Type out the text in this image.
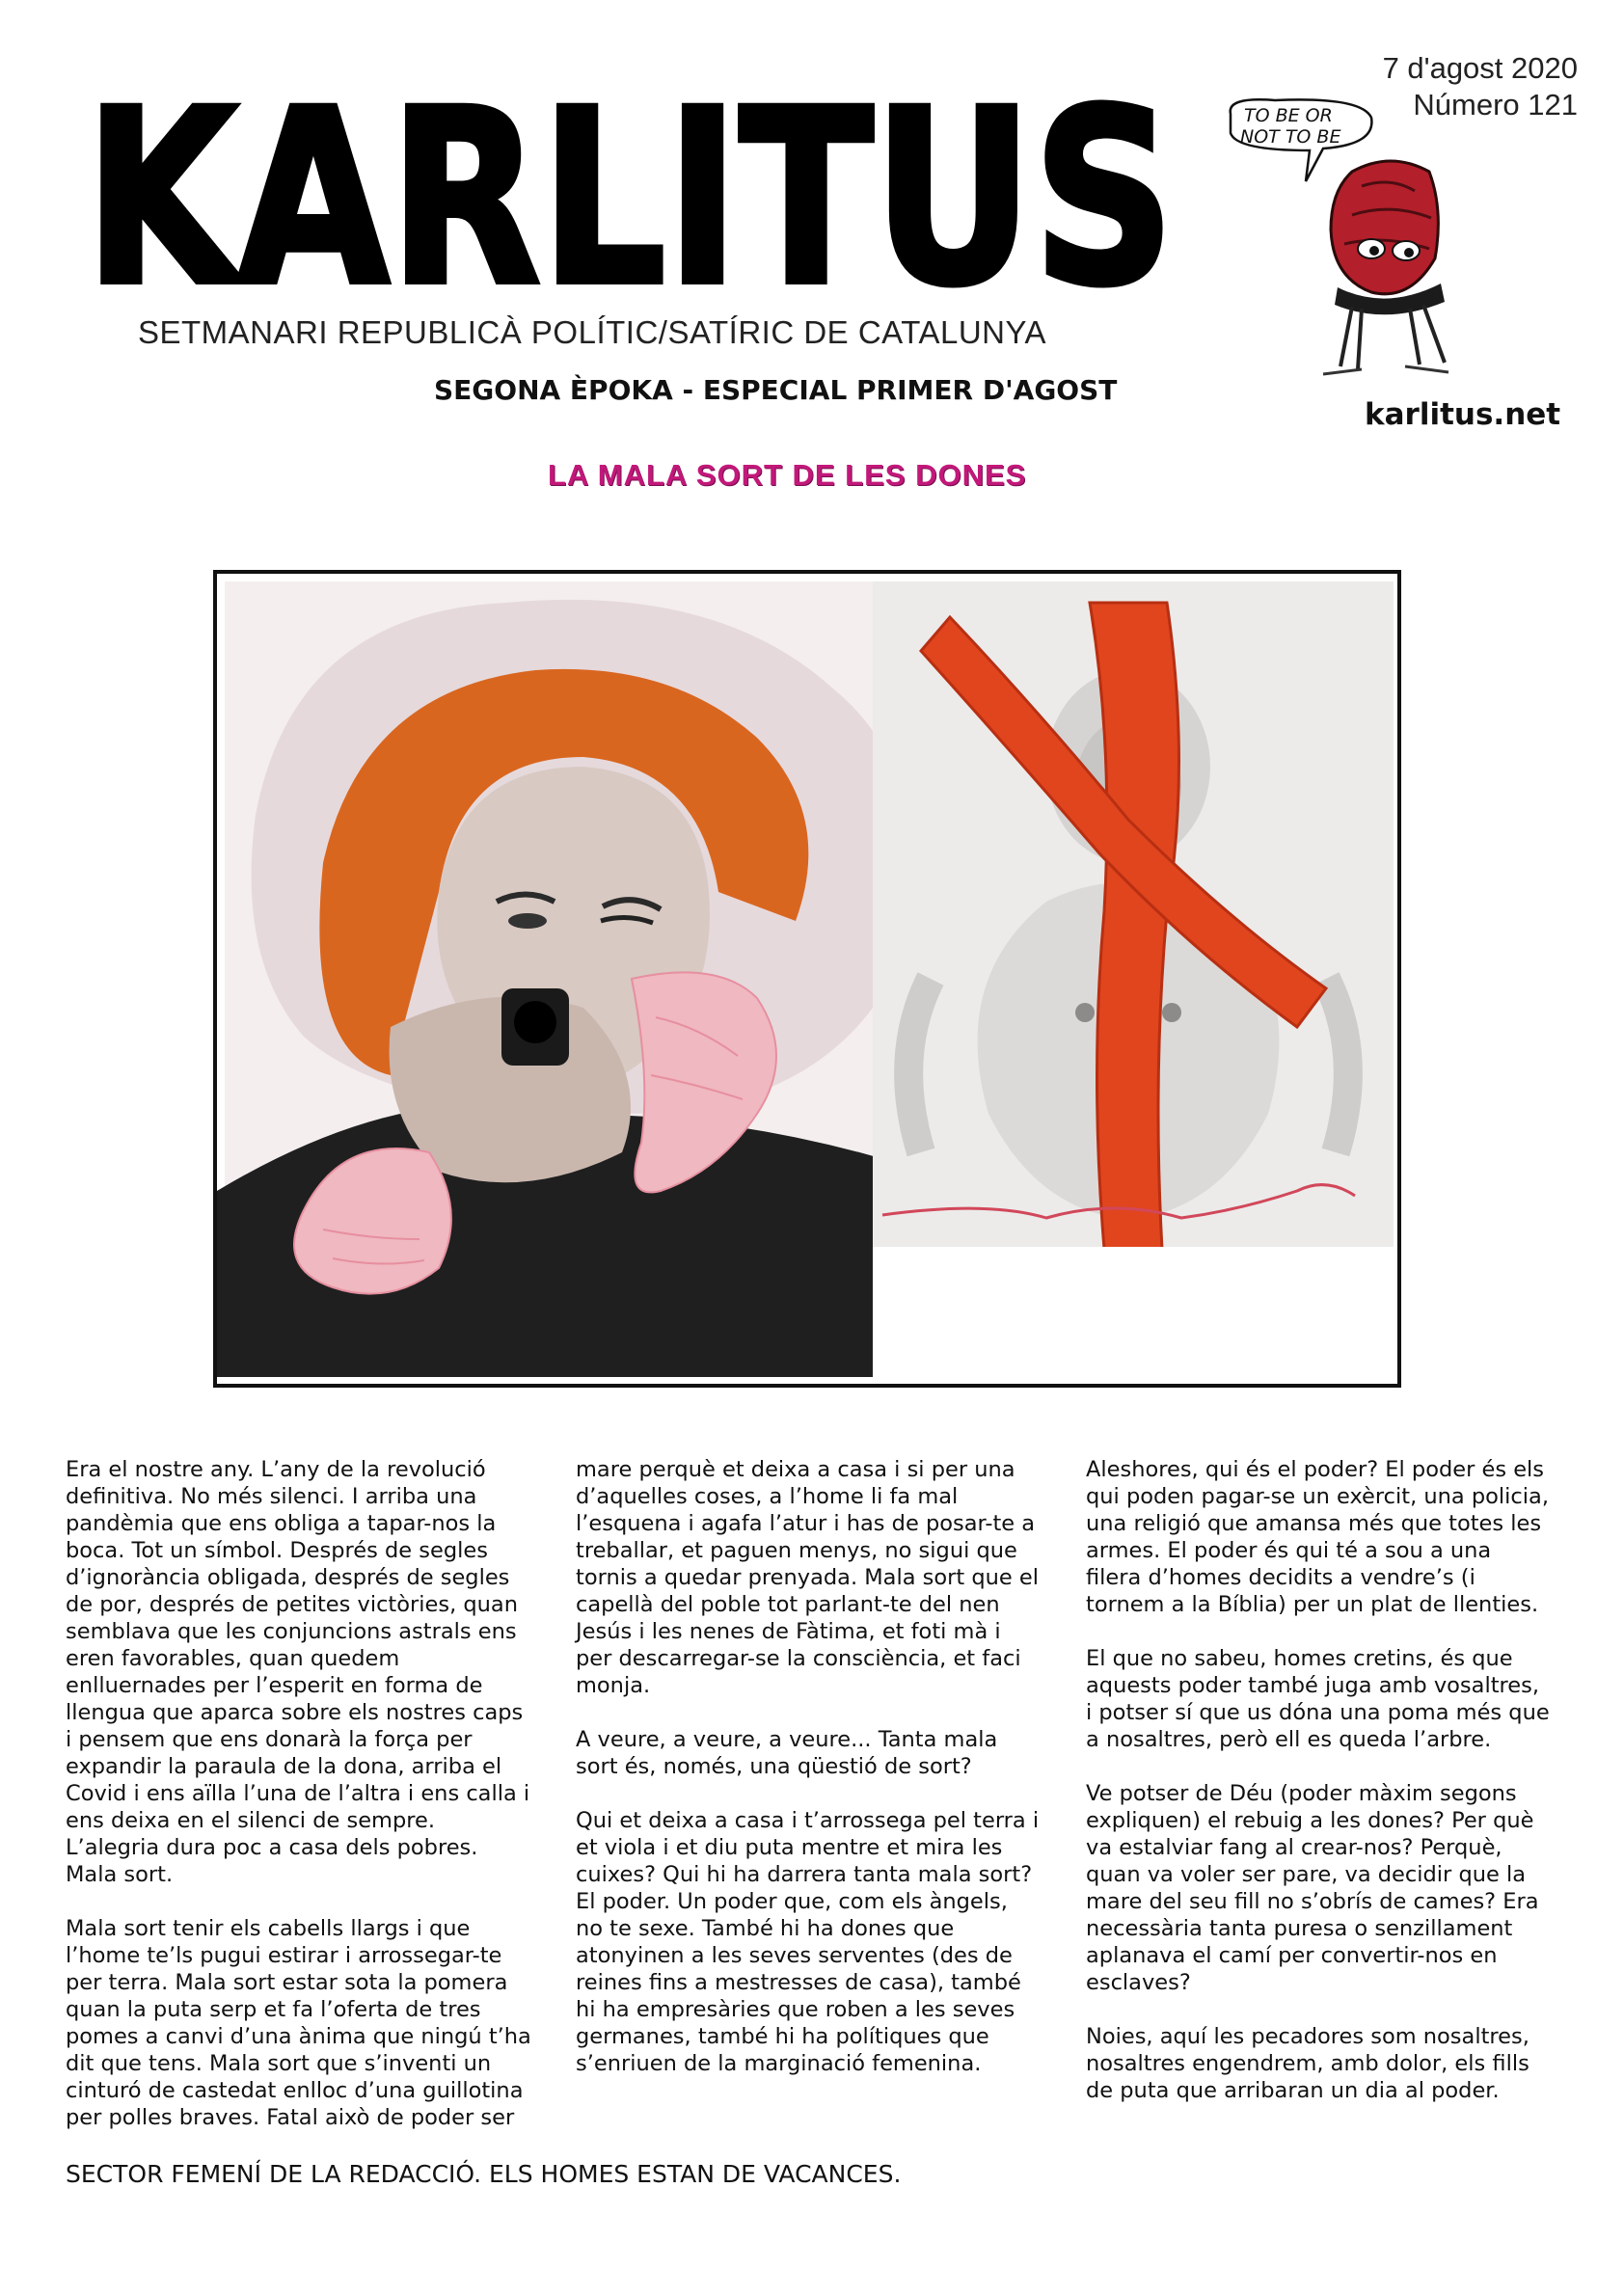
KARLITUS
SETMANARI REPUBLICÀ POLÍTIC/SATÍRIC DE CATALUNYA
SEGONA ÈPOKA - ESPECIAL PRIMER D'AGOST
7 d'agost 2020
Número 121
TO BE OR
NOT TO BE
karlitus.net
LA MALA SORT DE LES DONES

Era el nostre any. L’any de la revolució definitiva. No més silenci. I arriba una pandèmia que ens obliga a tapar-nos la boca. Tot un símbol. Després de segles d’ignorància obligada, després de segles de por, després de petites victòries, quan semblava que les conjuncions astrals ens eren favorables, quan quedem enlluernades per l’esperit en forma de llengua que aparca sobre els nostres caps i pensem que ens donarà la força per expandir la paraula de la dona, arriba el Covid i ens aïlla l’una de l’altra i ens calla i ens deixa en el silenci de sempre. L’alegria dura poc a casa dels pobres. Mala sort.

Mala sort tenir els cabells llargs i que l’home te’ls pugui estirar i arrossegar-te per terra. Mala sort estar sota la pomera quan la puta serp et fa l’oferta de tres pomes a canvi d’una ànima que ningú t’ha dit que tens. Mala sort que s’inventi un cinturó de castedat enlloc d’una guillotina per polles braves. Fatal això de poder ser

mare perquè et deixa a casa i si per una d’aquelles coses, a l’home li fa mal l’esquena i agafa l’atur i has de posar-te a treballar, et paguen menys, no sigui que tornis a quedar prenyada. Mala sort que el capellà del poble tot parlant-te del nen Jesús i les nenes de Fàtima, et foti mà i per descarregar-se la consciència, et faci monja.

A veure, a veure, a veure... Tanta mala sort és, només, una qüestió de sort?

Qui et deixa a casa i t’arrossega pel terra i et viola i et diu puta mentre et mira les cuixes? Qui hi ha darrera tanta mala sort? El poder. Un poder que, com els àngels, no te sexe. També hi ha dones que atonyinen a les seves serventes (des de reines fins a mestresses de casa), també hi ha empresàries que roben a les seves germanes, també hi ha polítiques que s’enriuen de la marginació femenina.

Aleshores, qui és el poder? El poder és els qui poden pagar-se un exèrcit, una policia, una religió que amansa més que totes les armes. El poder és qui té a sou a una filera d’homes decidits a vendre’s (i tornem a la Bíblia) per un plat de llenties.

El que no sabeu, homes cretins, és que aquests poder també juga amb vosaltres, i potser sí que us dóna una poma més que a nosaltres, però ell es queda l’arbre.

Ve potser de Déu (poder màxim segons expliquen) el rebuig a les dones? Per què va estalviar fang al crear-nos? Perquè, quan va voler ser pare, va decidir que la mare del seu fill no s’obrís de cames? Era necessària tanta puresa o senzillament aplanava el camí per convertir-nos en esclaves?

Noies, aquí les pecadores som nosaltres, nosaltres engendrem, amb dolor, els fills de puta que arribaran un dia al poder.

SECTOR FEMENÍ DE LA REDACCIÓ. ELS HOMES ESTAN DE VACANCES.
